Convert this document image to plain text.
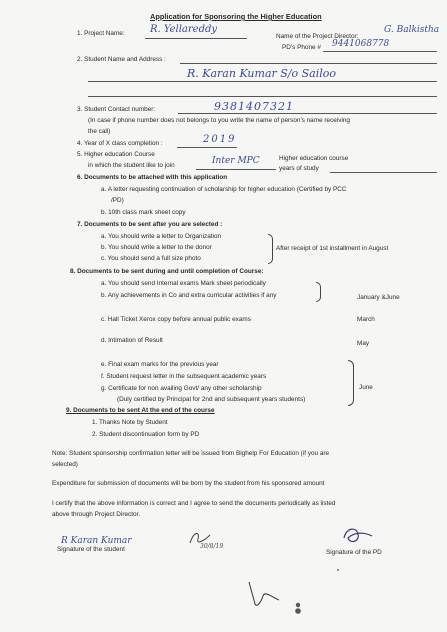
Application for Sponsoring the Higher Education
1. Project Name:	R. Yellareddy
Name of the Project Director:
G. Balkistha
PD's Phone # 9441068778
2. Student Name and Address :
R. Karan Kumar S/o Sailoo
3. Student Contact number:	9381407321
(In case if phone number does not belongs to you write the name of person's name receiving
the call)
4. Year of X class completion :	2019
5. Higher education Course
in which the student like to join	Inter MPC	Higher education course
years of study
6. Documents to be attached with this application
a. A letter requesting continuation of scholarship for higher education (Certified by PCC
/PD)
b. 10th class mark sheet copy
7. Documents to be sent after you are selected :
a. You should write a letter to Organization
b. You should write a letter to the donor
c. You should send a full size photo
After receipt of 1st installment in August
8. Documents to be sent during and until completion of Course:
a. You should send Internal exams Mark sheet periodically
b. Any achievements in Co and extra curricular activities if any	January &June
c. Hall Ticket Xerox copy before annual public exams	March
d. Intimation of Result	May
e. Final exam marks for the previous year
f. Student request letter in the subsequent academic years
g. Certificate for non availing Govt/ any other scholarship
(Duly certified by Principal for 2nd and subsequent years students)
June
9. Documents to be sent At the end of the course
1. Thanks Note by Student
2. Student discontinuation form by PD
Note: Student sponsorship confirmation letter will be issued from Bighelp For Education (if you are
selected)
Expenditure for submission of documents will be born by the student from his sponsored amount
I certify that the above information is correct and I agree to send the documents periodically as listed
above through Project Director.
R Karan Kumar
Signature of the student	30/8/19
Signature of the PD
